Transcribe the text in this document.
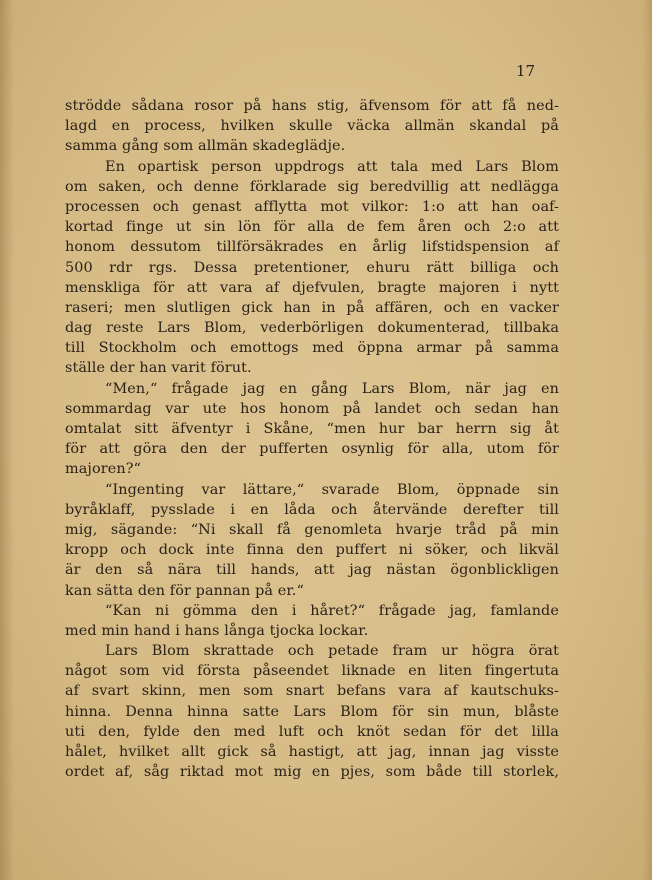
17
strödde sådana rosor på hans stig, äfvensom för att få ned-
lagd en process, hvilken skulle väcka allmän skandal på
samma gång som allmän skadeglädje.
En opartisk person uppdrogs att tala med Lars Blom
om saken, och denne förklarade sig beredvillig att nedlägga
processen och genast afflytta mot vilkor: 1:o att han oaf-
kortad finge ut sin lön för alla de fem åren och 2:o att
honom dessutom tillförsäkrades en årlig lifstidspension af
500 rdr rgs. Dessa pretentioner, ehuru rätt billiga och
menskliga för att vara af djefvulen, bragte majoren i nytt
raseri; men slutligen gick han in på affären, och en vacker
dag reste Lars Blom, vederbörligen dokumenterad, tillbaka
till Stockholm och emottogs med öppna armar på samma
ställe der han varit förut.
“Men,“ frågade jag en gång Lars Blom, när jag en
sommardag var ute hos honom på landet och sedan han
omtalat sitt äfventyr i Skåne, “men hur bar herrn sig åt
för att göra den der pufferten osynlig för alla, utom för
majoren?“
“Ingenting var lättare,“ svarade Blom, öppnade sin
byråklaff, pysslade i en låda och återvände derefter till
mig, sägande: “Ni skall få genomleta hvarje tråd på min
kropp och dock inte finna den puffert ni söker, och likväl
är den så nära till hands, att jag nästan ögonblickligen
kan sätta den för pannan på er.“
“Kan ni gömma den i håret?“ frågade jag, famlande
med min hand i hans långa tjocka lockar.
Lars Blom skrattade och petade fram ur högra örat
något som vid första påseendet liknade en liten fingertuta
af svart skinn, men som snart befans vara af kautschuks-
hinna. Denna hinna satte Lars Blom för sin mun, blåste
uti den, fylde den med luft och knöt sedan för det lilla
hålet, hvilket allt gick så hastigt, att jag, innan jag visste
ordet af, såg riktad mot mig en pjes, som både till storlek,
